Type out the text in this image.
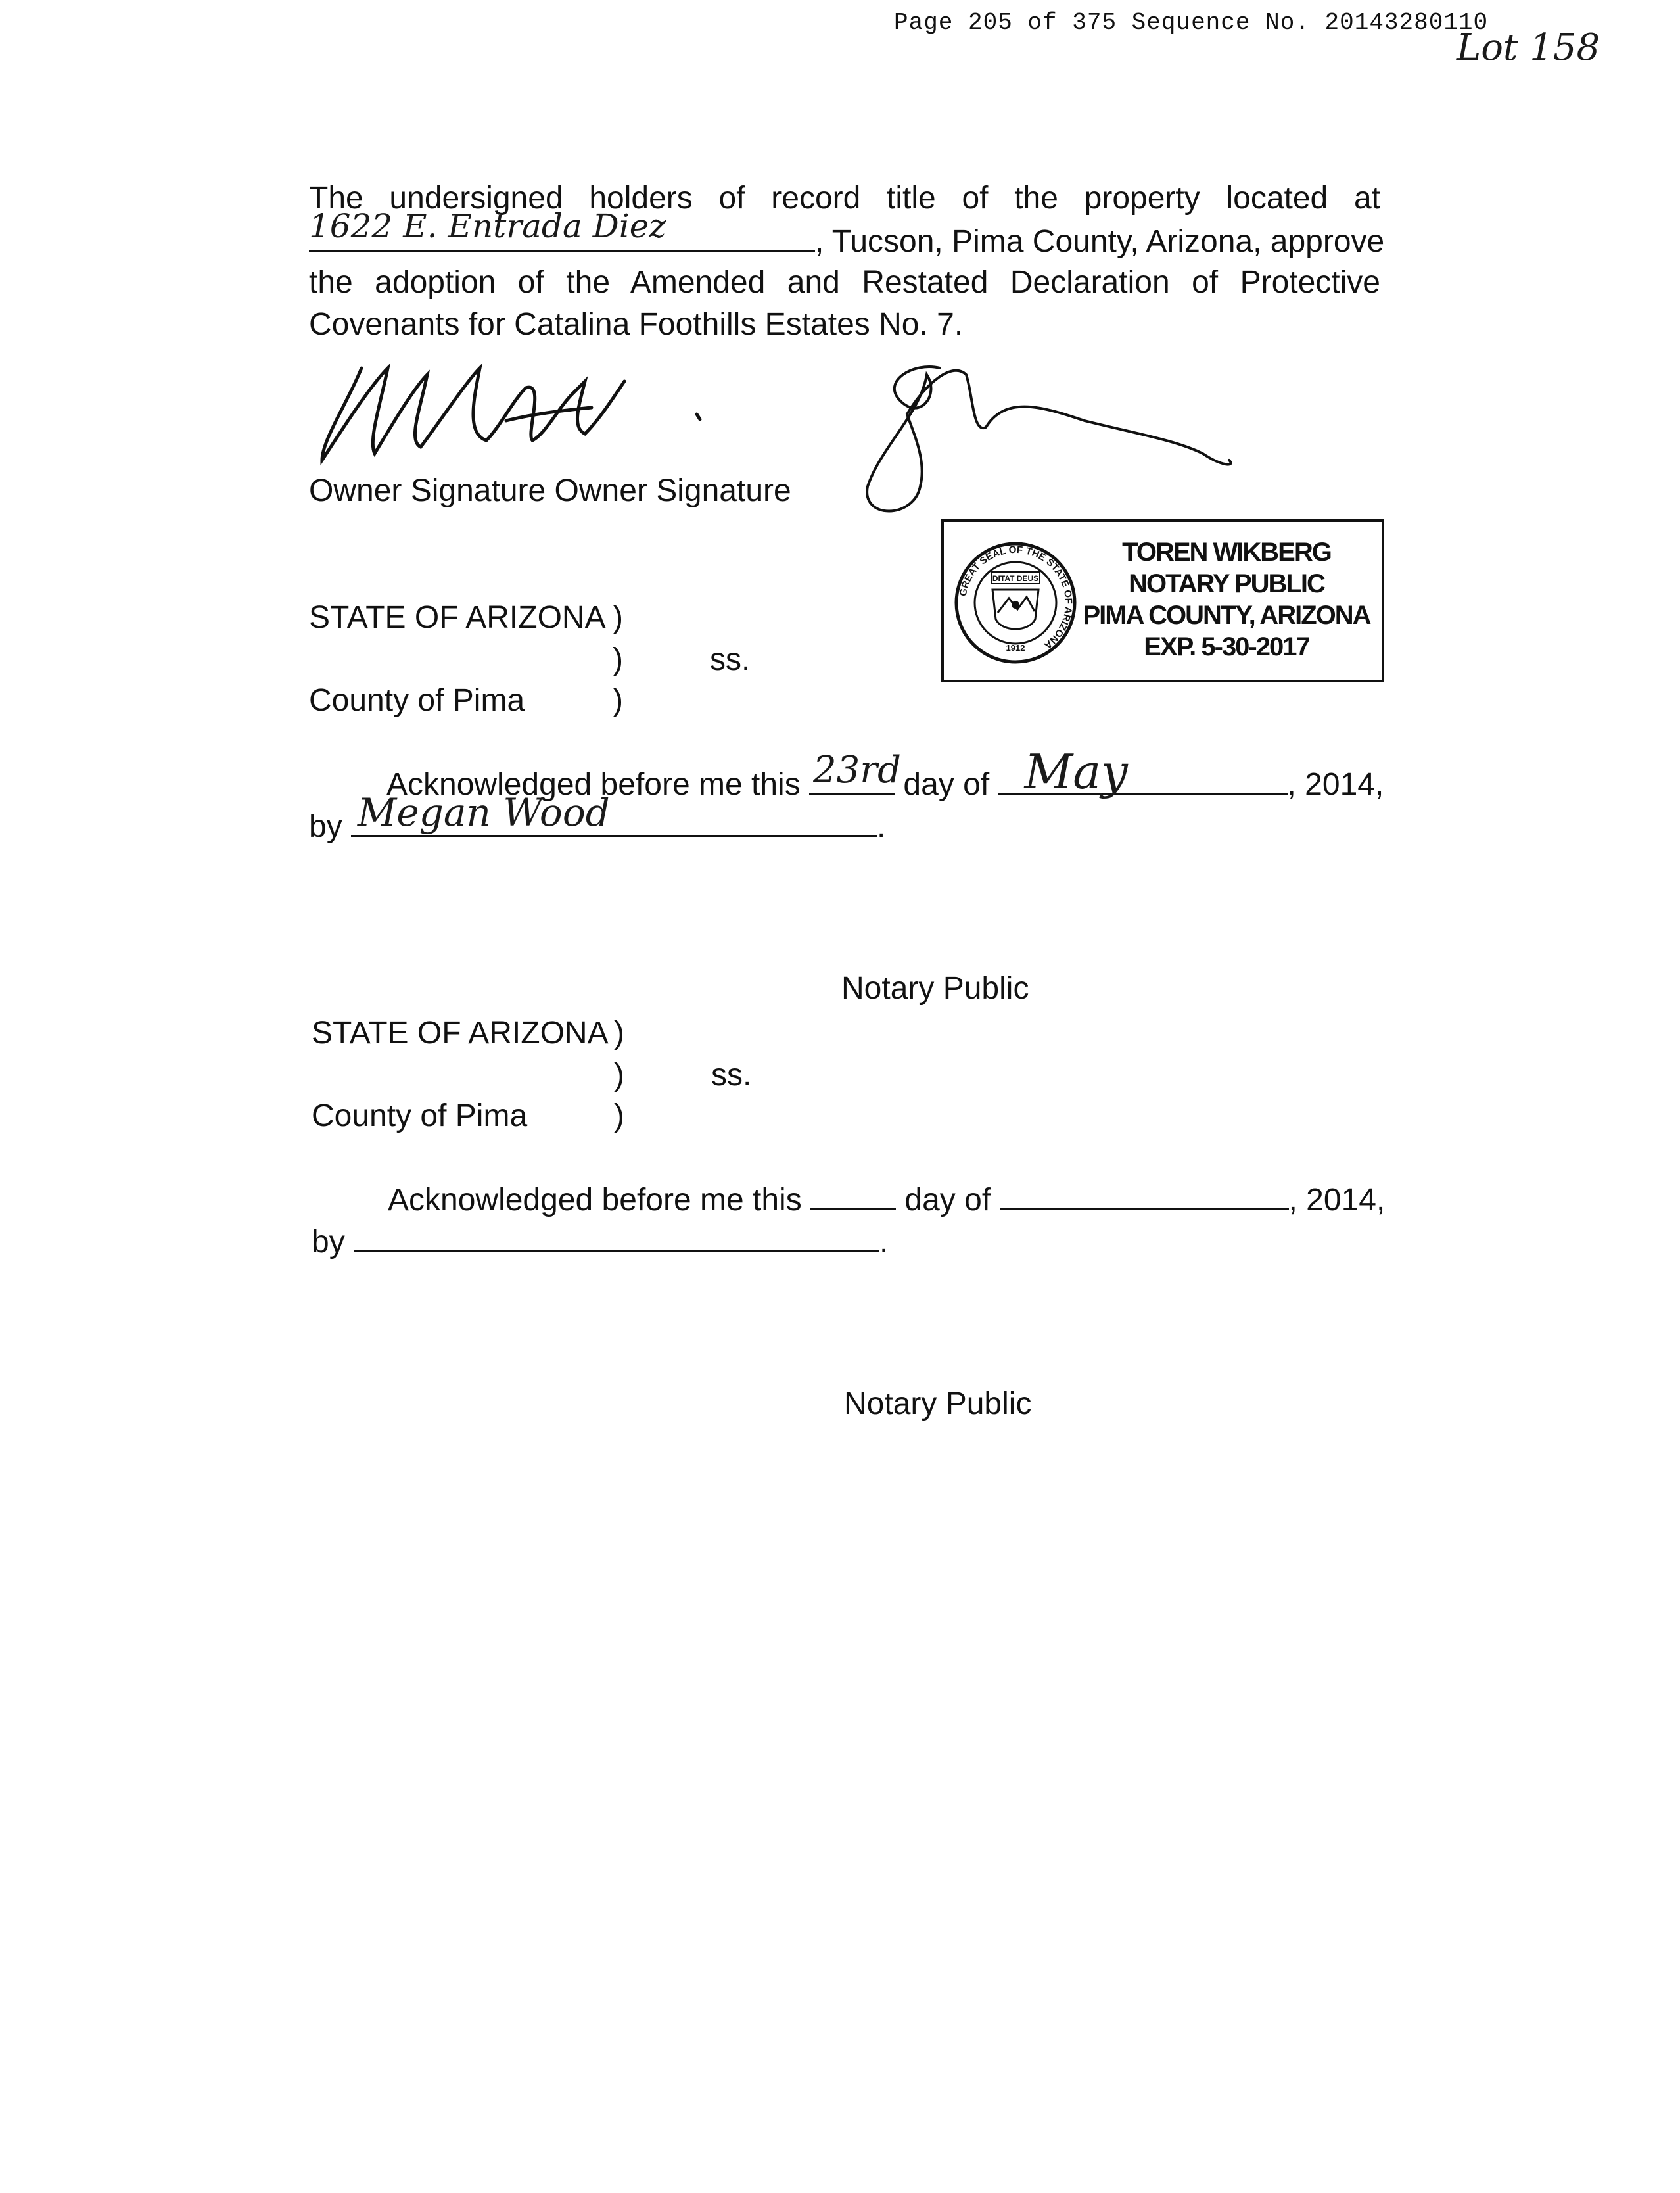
Page 205 of 375 Sequence No. 20143280110
Lot 158
The undersigned holders of record title of the property located at
1622 E. Entrada Diez	, Tucson, Pima County, Arizona, approve
the adoption of the Amended and Restated Declaration of Protective
Covenants for Catalina Foothills Estates No. 7.
Owner Signature Owner Signature
GREAT SEAL OF THE STATE OF ARIZONA
DITAT DEUS
1912
TOREN WIKBERG
NOTARY PUBLIC
PIMA COUNTY, ARIZONA
EXP. 5-30-2017
STATE OF ARIZONA )
)	ss.
County of Pima	)
Acknowledged before me this 23rd day of May	, 2014,
by Megan Wood	.
Notary Public
STATE OF ARIZONA )
)	ss.
County of Pima	)
Acknowledged before me this	day of	, 2014,
by	.
Notary Public
